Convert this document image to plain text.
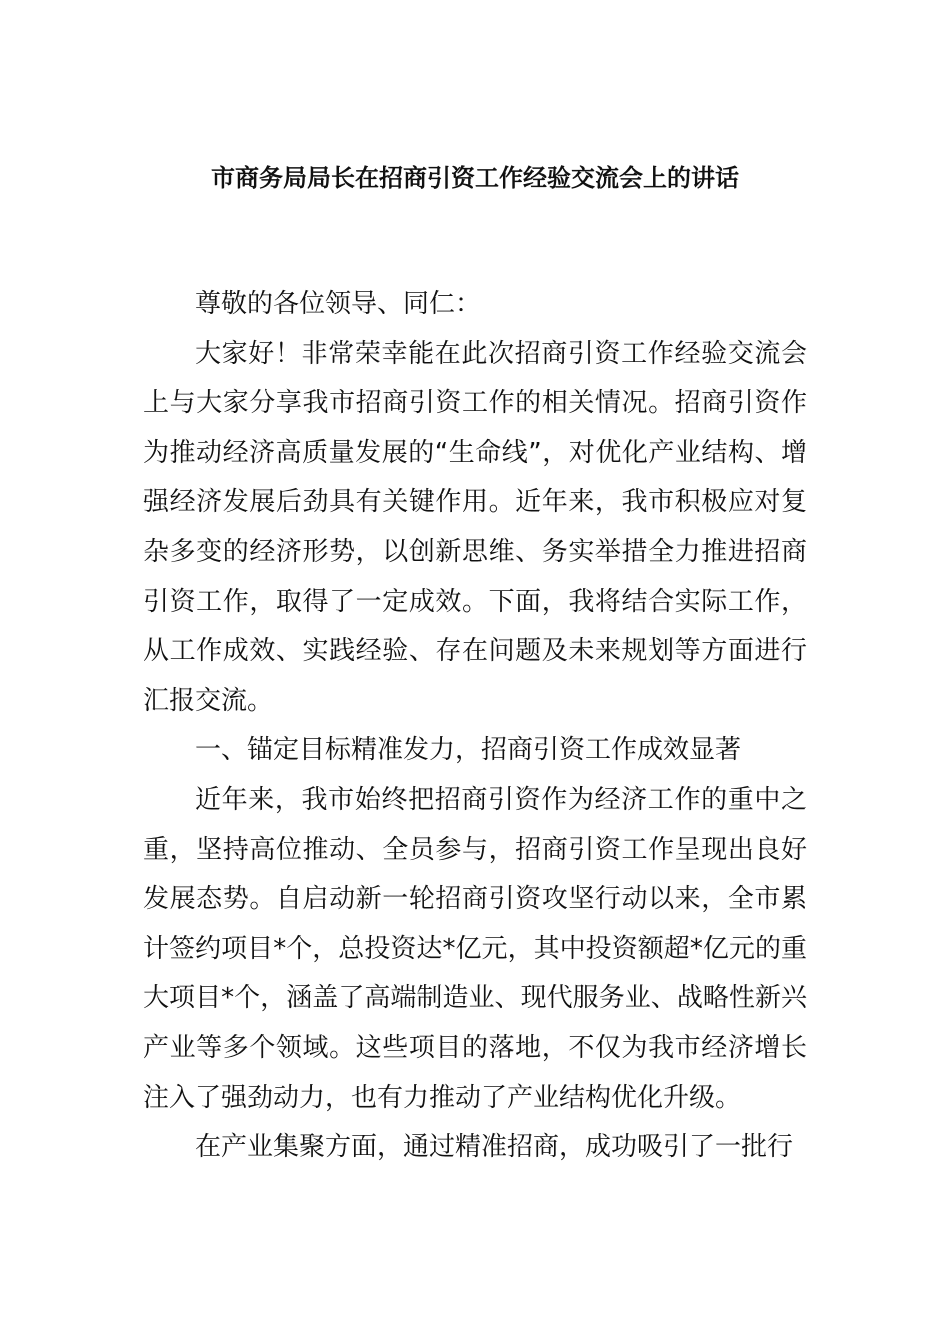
市商务局局长在招商引资工作经验交流会上的讲话

尊敬的各位领导、同仁：

大家好！非常荣幸能在此次招商引资工作经验交流会上与大家分享我市招商引资工作的相关情况。招商引资作为推动经济高质量发展的“生命线”，对优化产业结构、增强经济发展后劲具有关键作用。近年来，我市积极应对复杂多变的经济形势，以创新思维、务实举措全力推进招商引资工作，取得了一定成效。下面，我将结合实际工作，从工作成效、实践经验、存在问题及未来规划等方面进行汇报交流。

一、锚定目标精准发力，招商引资工作成效显著

近年来，我市始终把招商引资作为经济工作的重中之重，坚持高位推动、全员参与，招商引资工作呈现出良好发展态势。自启动新一轮招商引资攻坚行动以来，全市累计签约项目*个，总投资达*亿元，其中投资额超*亿元的重大项目*个，涵盖了高端制造业、现代服务业、战略性新兴产业等多个领域。这些项目的落地，不仅为我市经济增长注入了强劲动力，也有力推动了产业结构优化升级。

在产业集聚方面，通过精准招商，成功吸引了一批行
